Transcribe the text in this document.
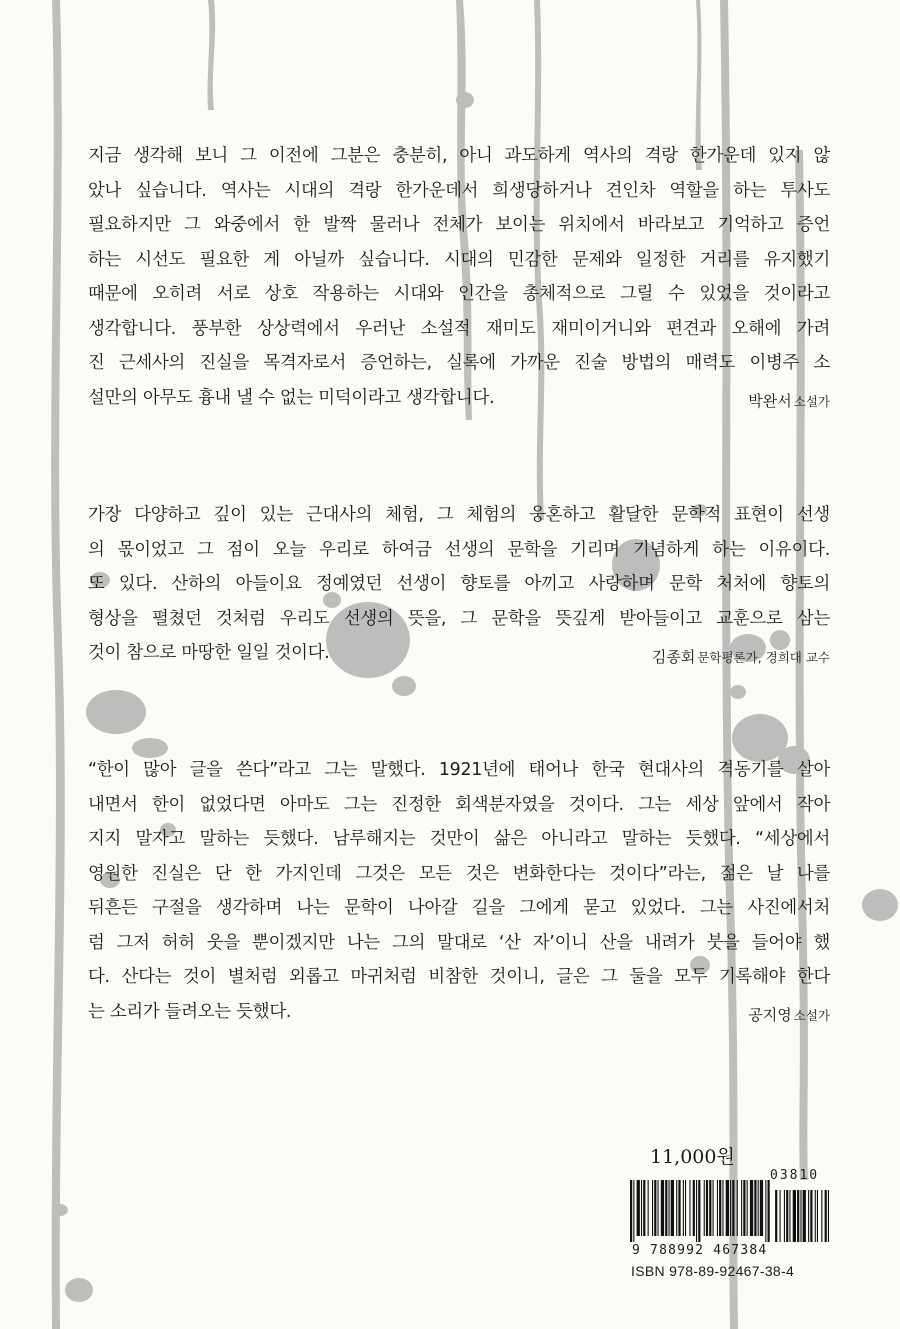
지금 생각해 보니 그 이전에 그분은 충분히, 아니 과도하게 역사의 격랑 한가운데 있지 않
았나 싶습니다. 역사는 시대의 격랑 한가운데서 희생당하거나 견인차 역할을 하는 투사도
필요하지만 그 와중에서 한 발짝 물러나 전체가 보이는 위치에서 바라보고 기억하고 증언
하는 시선도 필요한 게 아닐까 싶습니다. 시대의 민감한 문제와 일정한 거리를 유지했기
때문에 오히려 서로 상호 작용하는 시대와 인간을 총체적으로 그릴 수 있었을 것이라고
생각합니다. 풍부한 상상력에서 우러난 소설적 재미도 재미이거니와 편견과 오해에 가려
진 근세사의 진실을 목격자로서 증언하는, 실록에 가까운 진술 방법의 매력도 이병주 소
설만의 아무도 흉내 낼 수 없는 미덕이라고 생각합니다.	박완서 소설가

가장 다양하고 깊이 있는 근대사의 체험, 그 체험의 웅혼하고 활달한 문학적 표현이 선생
의 몫이었고 그 점이 오늘 우리로 하여금 선생의 문학을 기리며 기념하게 하는 이유이다.
또 있다. 산하의 아들이요 정예였던 선생이 향토를 아끼고 사랑하며 문학 처처에 향토의
형상을 펼쳤던 것처럼 우리도 선생의 뜻을, 그 문학을 뜻깊게 받아들이고 교훈으로 삼는
것이 참으로 마땅한 일일 것이다.	김종회 문학평론가, 경희대 교수

“한이 많아 글을 쓴다”라고 그는 말했다. 1921년에 태어나 한국 현대사의 격동기를 살아
내면서 한이 없었다면 아마도 그는 진정한 회색분자였을 것이다. 그는 세상 앞에서 작아
지지 말자고 말하는 듯했다. 남루해지는 것만이 삶은 아니라고 말하는 듯했다. “세상에서
영원한 진실은 단 한 가지인데 그것은 모든 것은 변화한다는 것이다”라는, 젊은 날 나를
뒤흔든 구절을 생각하며 나는 문학이 나아갈 길을 그에게 묻고 있었다. 그는 사진에서처
럼 그저 허허 웃을 뿐이겠지만 나는 그의 말대로 ‘산 자’이니 산을 내려가 붓을 들어야 했
다. 산다는 것이 별처럼 외롭고 마귀처럼 비참한 것이니, 글은 그 둘을 모두 기록해야 한다
는 소리가 들려오는 듯했다.	공지영 소설가
11,000원
03810
9 788992 467384
ISBN 978-89-92467-38-4
